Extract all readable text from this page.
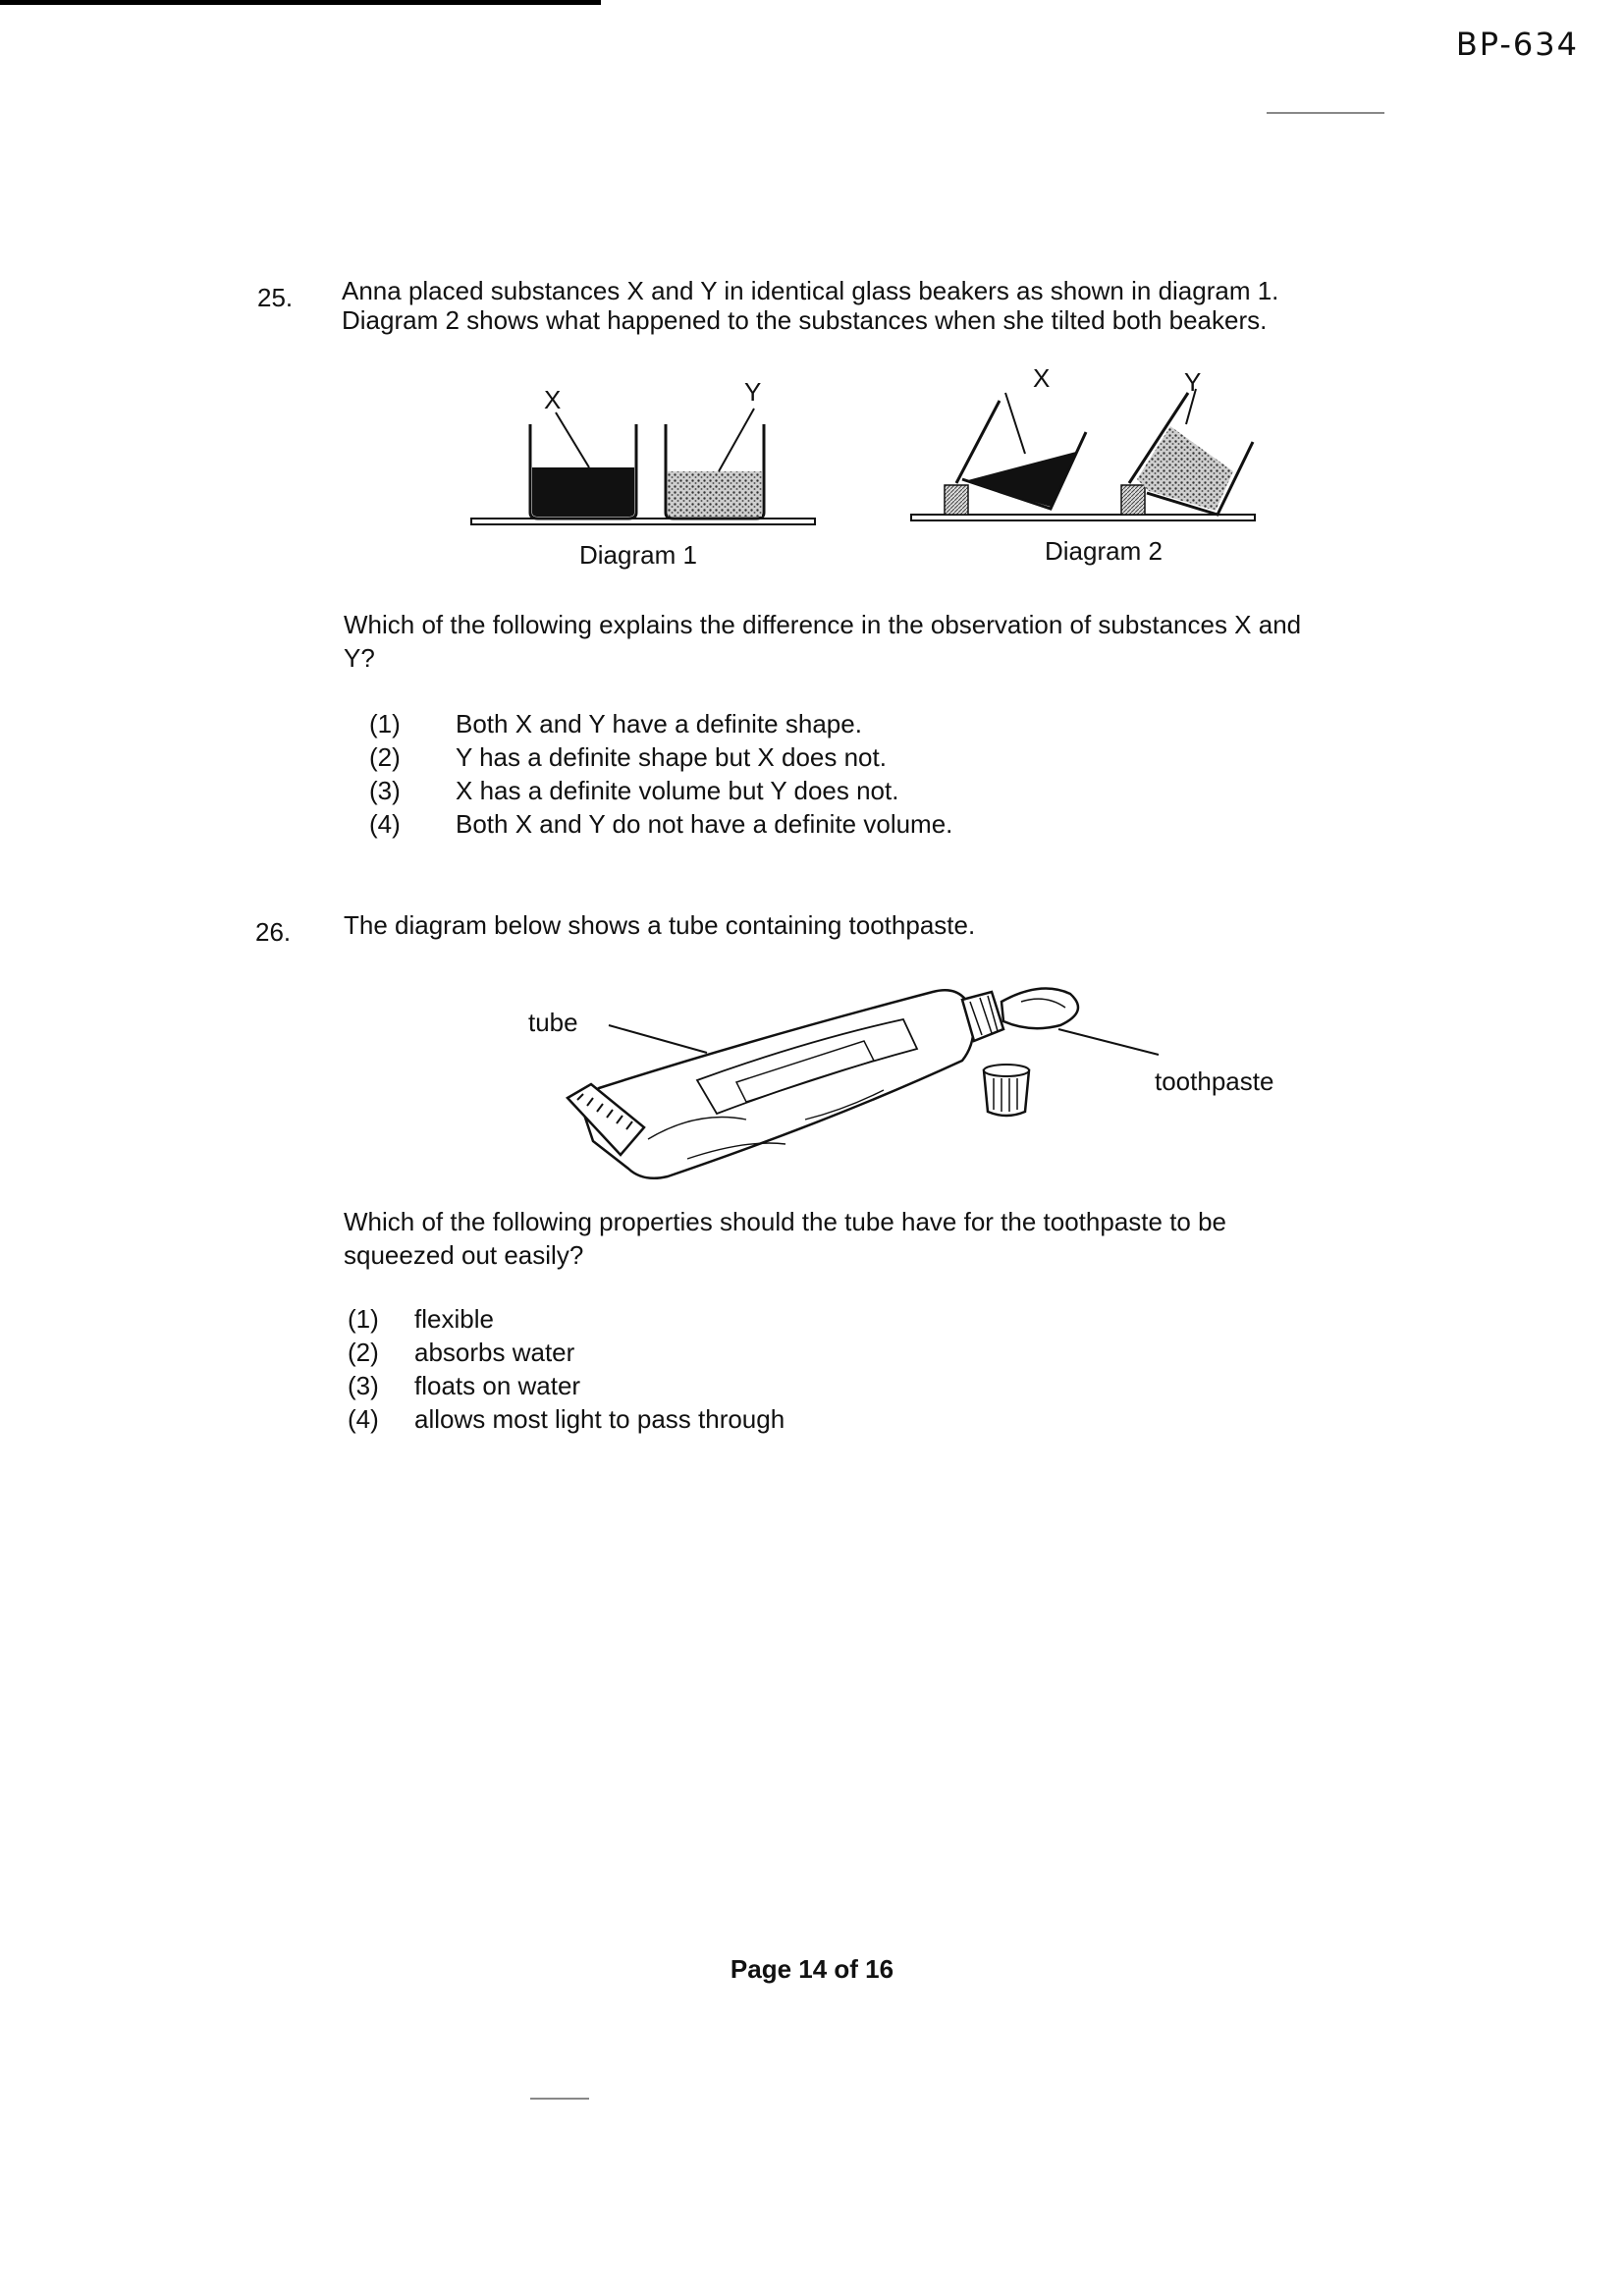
BP-634
25. Anna placed substances X and Y in identical glass beakers as shown in diagram 1.
Diagram 2 shows what happened to the substances when she tilted both beakers.
X	Y
Diagram 1
X	Y
Diagram 2
Which of the following explains the difference in the observation of substances X and
Y?
(1) Both X and Y have a definite shape.
(2) Y has a definite shape but X does not.
(3) X has a definite volume but Y does not.
(4) Both X and Y do not have a definite volume.
26. The diagram below shows a tube containing toothpaste.
tube
toothpaste
Which of the following properties should the tube have for the toothpaste to be
squeezed out easily?
(1) flexible
(2) absorbs water
(3) floats on water
(4) allows most light to pass through
Page 14 of 16
